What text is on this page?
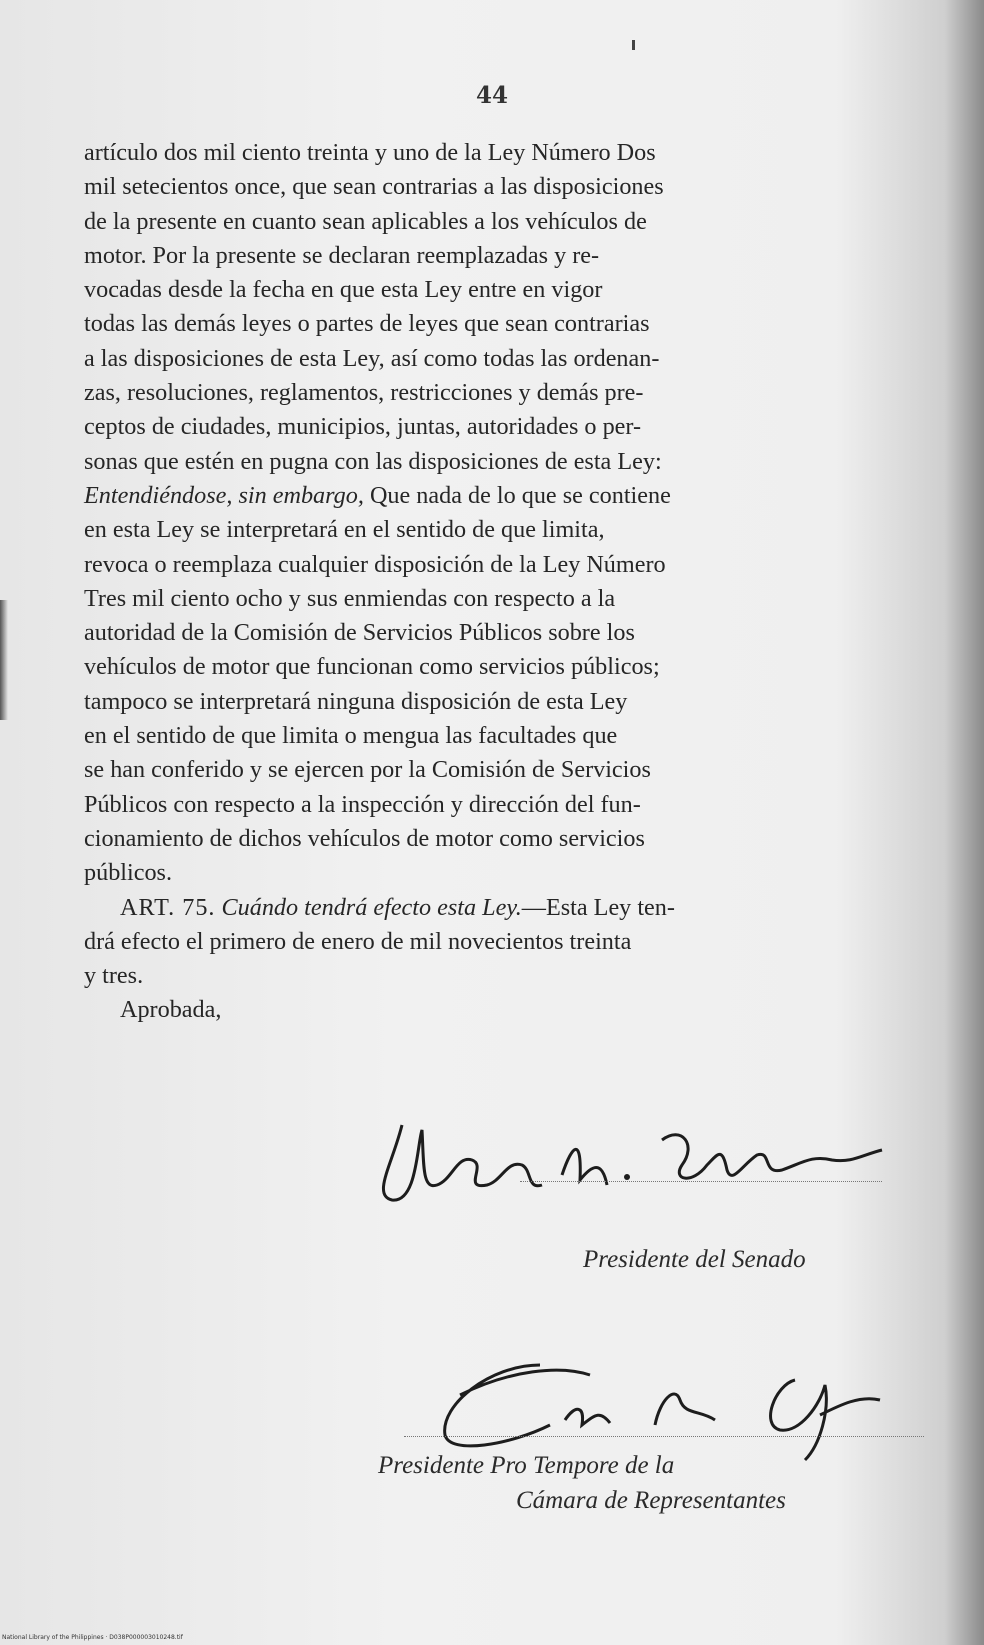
44
artículo dos mil ciento treinta y uno de la Ley Número Dos
mil setecientos once, que sean contrarias a las disposiciones
de la presente en cuanto sean aplicables a los vehículos de
motor. Por la presente se declaran reemplazadas y re-
vocadas desde la fecha en que esta Ley entre en vigor
todas las demás leyes o partes de leyes que sean contrarias
a las disposiciones de esta Ley, así como todas las ordenan-
zas, resoluciones, reglamentos, restricciones y demás pre-
ceptos de ciudades, municipios, juntas, autoridades o per-
sonas que estén en pugna con las disposiciones de esta Ley:
Entendiéndose, sin embargo, Que nada de lo que se contiene
en esta Ley se interpretará en el sentido de que limita,
revoca o reemplaza cualquier disposición de la Ley Número
Tres mil ciento ocho y sus enmiendas con respecto a la
autoridad de la Comisión de Servicios Públicos sobre los
vehículos de motor que funcionan como servicios públicos;
tampoco se interpretará ninguna disposición de esta Ley
en el sentido de que limita o mengua las facultades que
se han conferido y se ejercen por la Comisión de Servicios
Públicos con respecto a la inspección y dirección del fun-
cionamiento de dichos vehículos de motor como servicios
públicos.
ART. 75. Cuándo tendrá efecto esta Ley.—Esta Ley ten-
drá efecto el primero de enero de mil novecientos treinta
y tres.

Aprobada,

Presidente del Senado
Presidente Pro Tempore de la
Cámara de Representantes
National Library of the Philippines · D038P000003010248.tif
